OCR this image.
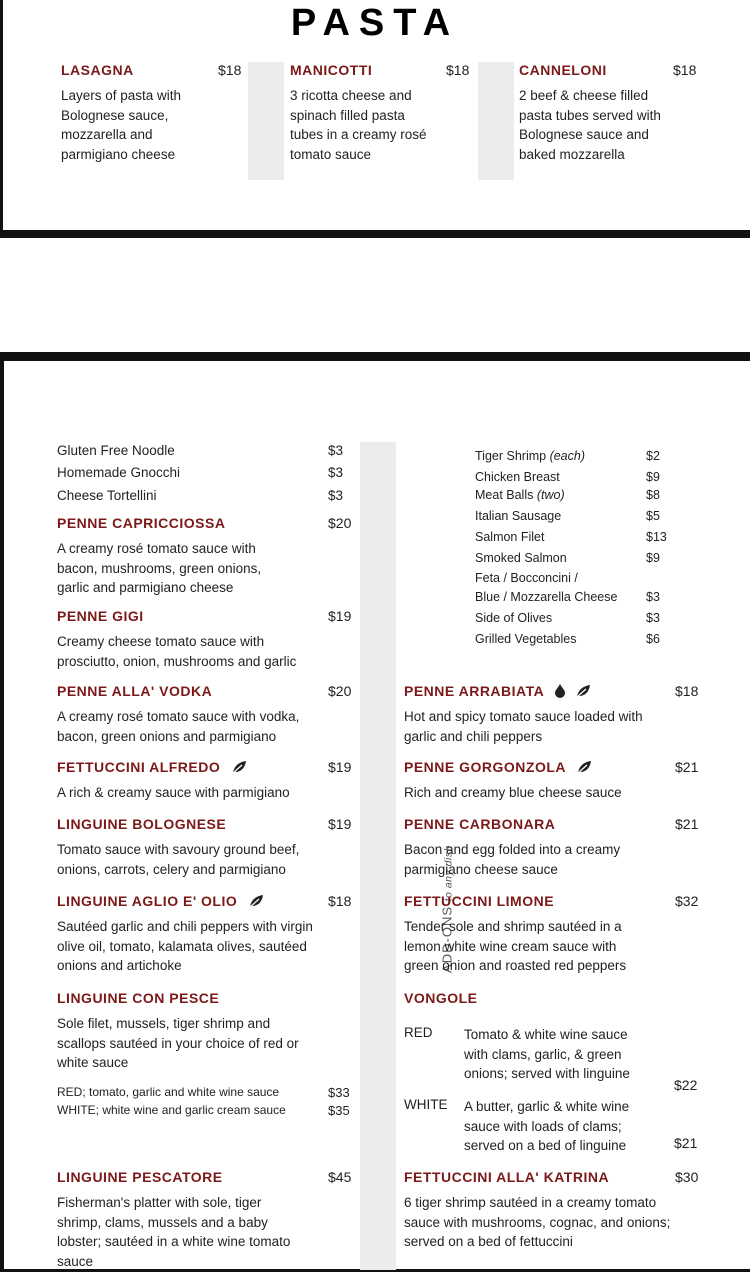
PASTA
LASAGNA	$18
Layers of pasta with Bolognese sauce, mozzarella and parmigiano cheese
MANICOTTI	$18
3 ricotta cheese and spinach filled pasta tubes in a creamy rosé tomato sauce
CANNELONI	$18
2 beef & cheese filled pasta tubes served with Bolognese sauce and baked mozzarella
Gluten Free Noodle	$3
Homemade Gnocchi	$3
Cheese Tortellini	$3
PENNE CAPRICCIOSSA	$20
A creamy rosé tomato sauce with bacon, mushrooms, green onions, garlic and parmigiano cheese
PENNE GIGI	$19
Creamy cheese tomato sauce with prosciutto, onion, mushrooms and garlic
PENNE ALLA' VODKA	$20
A creamy rosé tomato sauce with vodka, bacon, green onions and parmigiano
FETTUCCINI ALFREDO	$19
A rich & creamy sauce with parmigiano
LINGUINE BOLOGNESE	$19
Tomato sauce with savoury ground beef, onions, carrots, celery and parmigiano
LINGUINE AGLIO E' OLIO	$18
Sautéed garlic and chili peppers with virgin olive oil, tomato, kalamata olives, sautéed onions and artichoke
LINGUINE CON PESCE
Sole filet, mussels, tiger shrimp and scallops sautéed in your choice of red or white sauce
RED; tomato, garlic and white wine sauce	$33
WHITE; white wine and garlic cream sauce	$35
LINGUINE PESCATORE	$45
Fisherman's platter with sole, tiger shrimp, clams, mussels and a baby lobster; sautéed in a white wine tomato sauce
ADD-ONS to any dish
Tiger Shrimp (each)	$2
Chicken Breast	$9
Meat Balls (two)	$8
Italian Sausage	$5
Salmon Filet	$13
Smoked Salmon	$9
Feta / Bocconcini /
Blue / Mozzarella Cheese $3
Side of Olives	$3
Grilled Vegetables	$6
PENNE ARRABIATA	$18
Hot and spicy tomato sauce loaded with garlic and chili peppers
PENNE GORGONZOLA	$21
Rich and creamy blue cheese sauce
PENNE CARBONARA	$21
Bacon and egg folded into a creamy parmigiano cheese sauce
FETTUCCINI LIMONE	$32
Tender sole and shrimp sautéed in a lemon white wine cream sauce with green onion and roasted red peppers
VONGOLE
RED Tomato & white wine sauce with clams, garlic, & green onions; served with linguine
$22
WHITE A butter, garlic & white wine sauce with loads of clams; served on a bed of linguine	$21
FETTUCCINI ALLA' KATRINA	$30
6 tiger shrimp sautéed in a creamy tomato sauce with mushrooms, cognac, and onions; served on a bed of fettuccini
